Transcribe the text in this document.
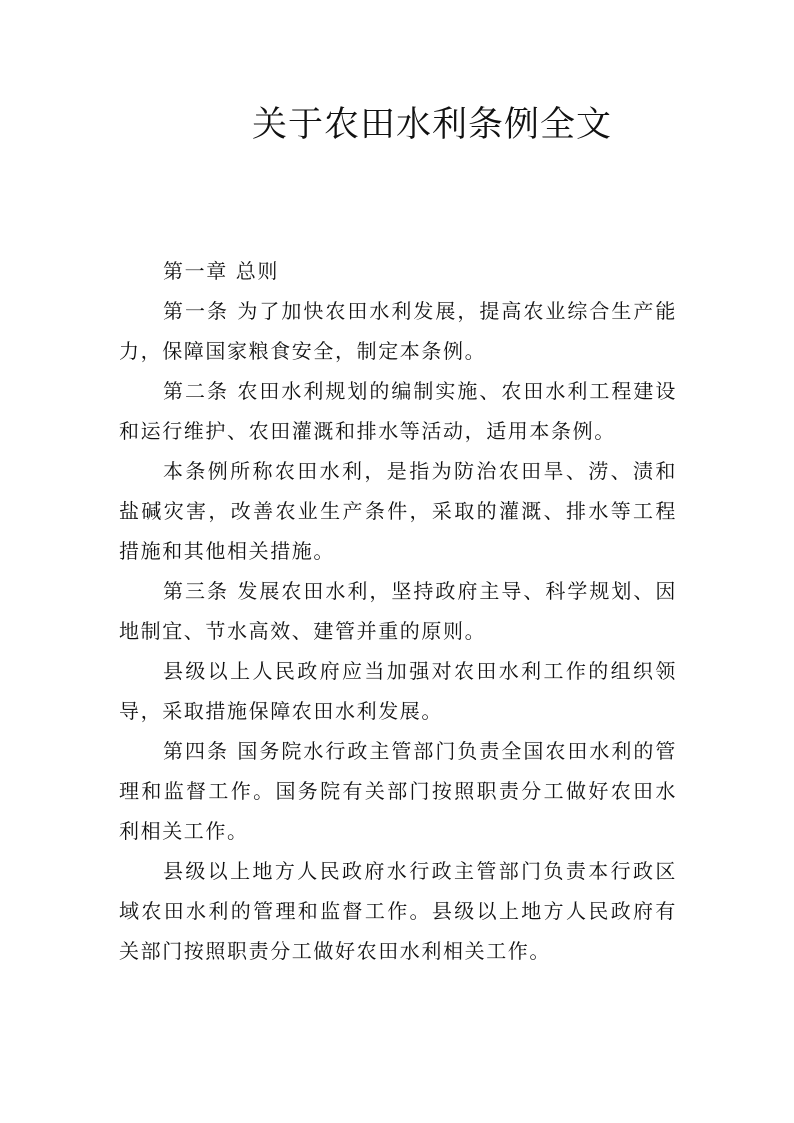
关于农田水利条例全文

第一章 总则

第一条 为了加快农田水利发展，提高农业综合生产能力，保障国家粮食安全，制定本条例。

第二条 农田水利规划的编制实施、农田水利工程建设和运行维护、农田灌溉和排水等活动，适用本条例。

本条例所称农田水利，是指为防治农田旱、涝、渍和盐碱灾害，改善农业生产条件，采取的灌溉、排水等工程措施和其他相关措施。

第三条 发展农田水利，坚持政府主导、科学规划、因地制宜、节水高效、建管并重的原则。

县级以上人民政府应当加强对农田水利工作的组织领导，采取措施保障农田水利发展。

第四条 国务院水行政主管部门负责全国农田水利的管理和监督工作。国务院有关部门按照职责分工做好农田水利相关工作。

县级以上地方人民政府水行政主管部门负责本行政区域农田水利的管理和监督工作。县级以上地方人民政府有关部门按照职责分工做好农田水利相关工作。
